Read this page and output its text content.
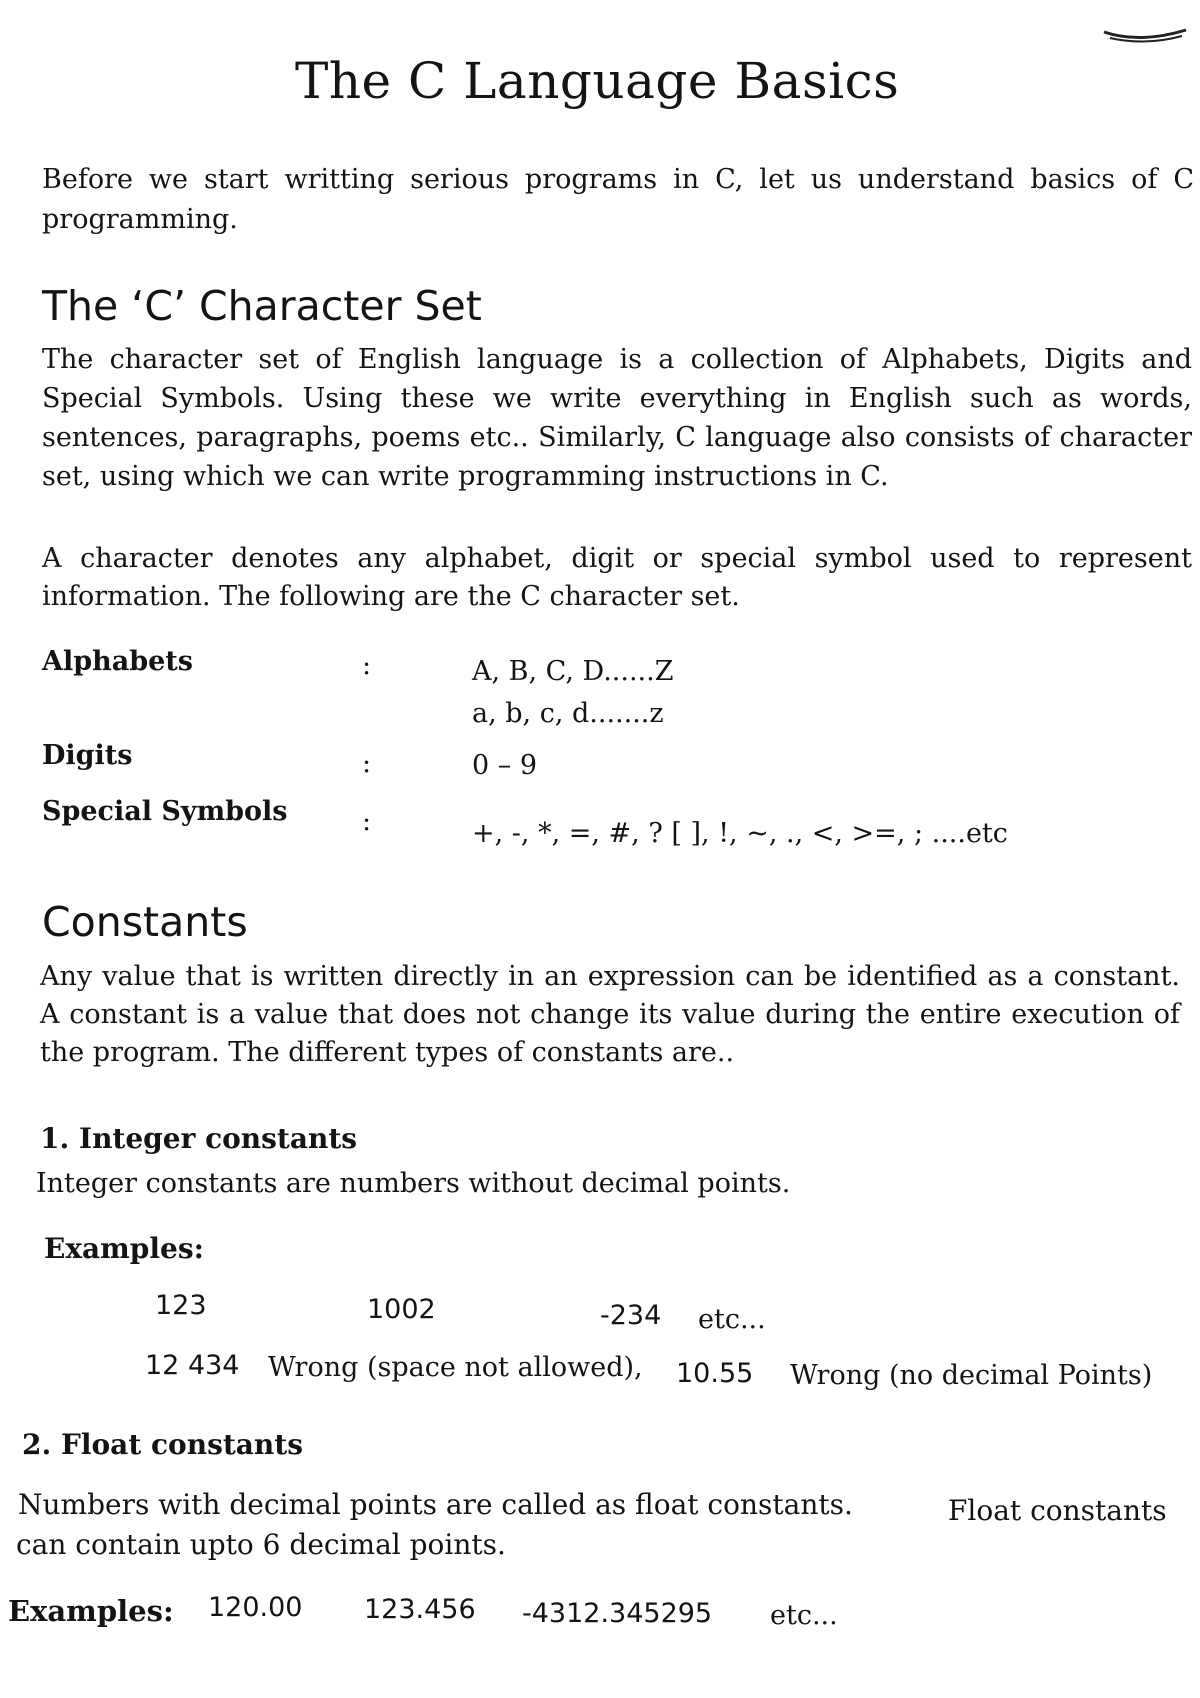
The C Language Basics

Before we start writting serious programs in C, let us understand basics of C programming.

The ‘C’ Character Set

The character set of English language is a collection of Alphabets, Digits and Special Symbols. Using these we write everything in English such as words, sentences, paragraphs, poems etc.. Similarly, C language also consists of character set, using which we can write programming instructions in C.

A character denotes any alphabet, digit or special symbol used to represent information. The following are the C character set.

Alphabets	:	A, B, C, D......Z
a, b, c, d.......z
Digits	:	0 – 9
Special Symbols	:	+, -, *, =, #, ? [ ], !, ~, ., <, >=, ; ....etc
Constants

Any value that is written directly in an expression can be identified as a constant. A constant is a value that does not change its value during the entire execution of the program. The different types of constants are..

1. Integer constants

Integer constants are numbers without decimal points.

Examples:
123	1002	-234 etc...
12 434 Wrong (space not allowed), 10.55 Wrong (no decimal Points)
2. Float constants
Numbers with decimal points are called as float constants.	Float constants
can contain upto 6 decimal points.
Examples: 120.00 123.456 -4312.345295 etc...
